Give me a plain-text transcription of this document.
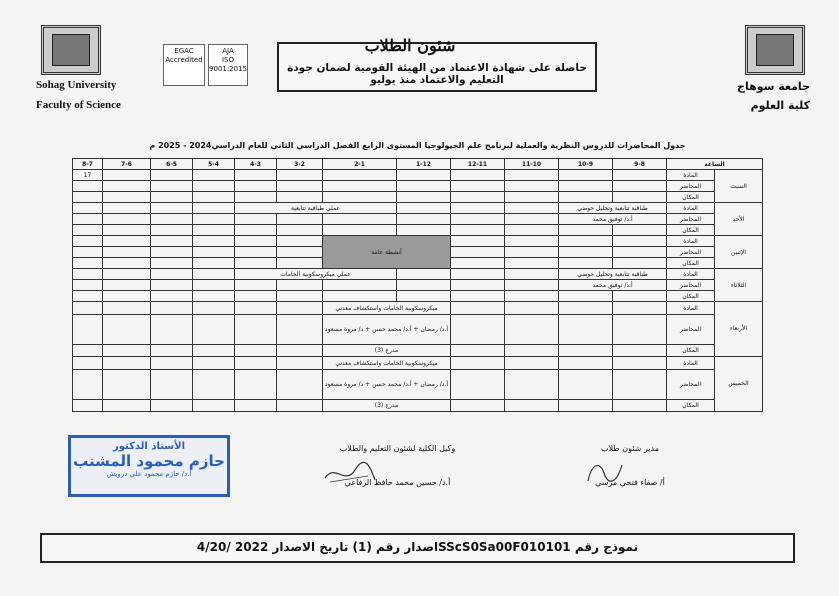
EGAC
Accredited
AJA
ISO 9001:2015
شئون الطلاب
حاصلة على شهادة الاعتماد من الهيئة القومية لضمان جودة التعليم والاعتماد منذ يوليو
Sohag University
Faculty of Science
جامعة سوهاج
كلية العلوم
جدول المحاضرات للدروس النظرية والعملية لبرنامج علم الجيولوجيا المستوى الرابع الفصل الدراسي الثاني للعام الدراسي2024 - 2025 م
الساعة		9-8	10-9	11-10	12-11	1-12	2-1	3-2	4-3	5-4	6-5	7-6	8-7
السبت	المادة												17
	المحاضر												
	المكان												
الأحد	المادة	طباقية تتابعية وتحليل حوضي					عملي طباقية تتابعية						
	المحاضر	أ.د/ توفيق محمد											
	المكان												
الإثنين	المادة					أنشطة عامة							
	المحاضر												
	المكان												
الثلاثاء	المادة	طباقية تتابعية وتحليل حوضي					عملي ميكروسكوبية الخامات						
	المحاضر	أ.د/ توفيق محمد											
	المكان												
الأربعاء	المادة					ميكروسكوبية الخامات واستكشاف معدني							
	المحاضر					أ.د/ رمضان + أ.د/ محمد حسن + د/ مروة مسعود							
	المكان					مدرج (3)							
الخميس	المادة					ميكروسكوبية الخامات واستكشاف معدني							
	المحاضر					أ.د/ رمضان + أ.د/ محمد حسن + د/ مروة مسعود							
	المكان					مدرج (3)							
مدير شئون طلاب
أ/ صفاء فتحي مرسي
وكيل الكلية لشئون التعليم والطلاب
أ.د/ حسين محمد حافظ الرفاعي
الأستاذ الدكتور
حازم محمود المشنب
أ.د/ حازم محمود علي درويش
نموذج رقم SScS0Sa00F010101اصدار رقم (1) تاريخ الاصدار 2022 /4/20
